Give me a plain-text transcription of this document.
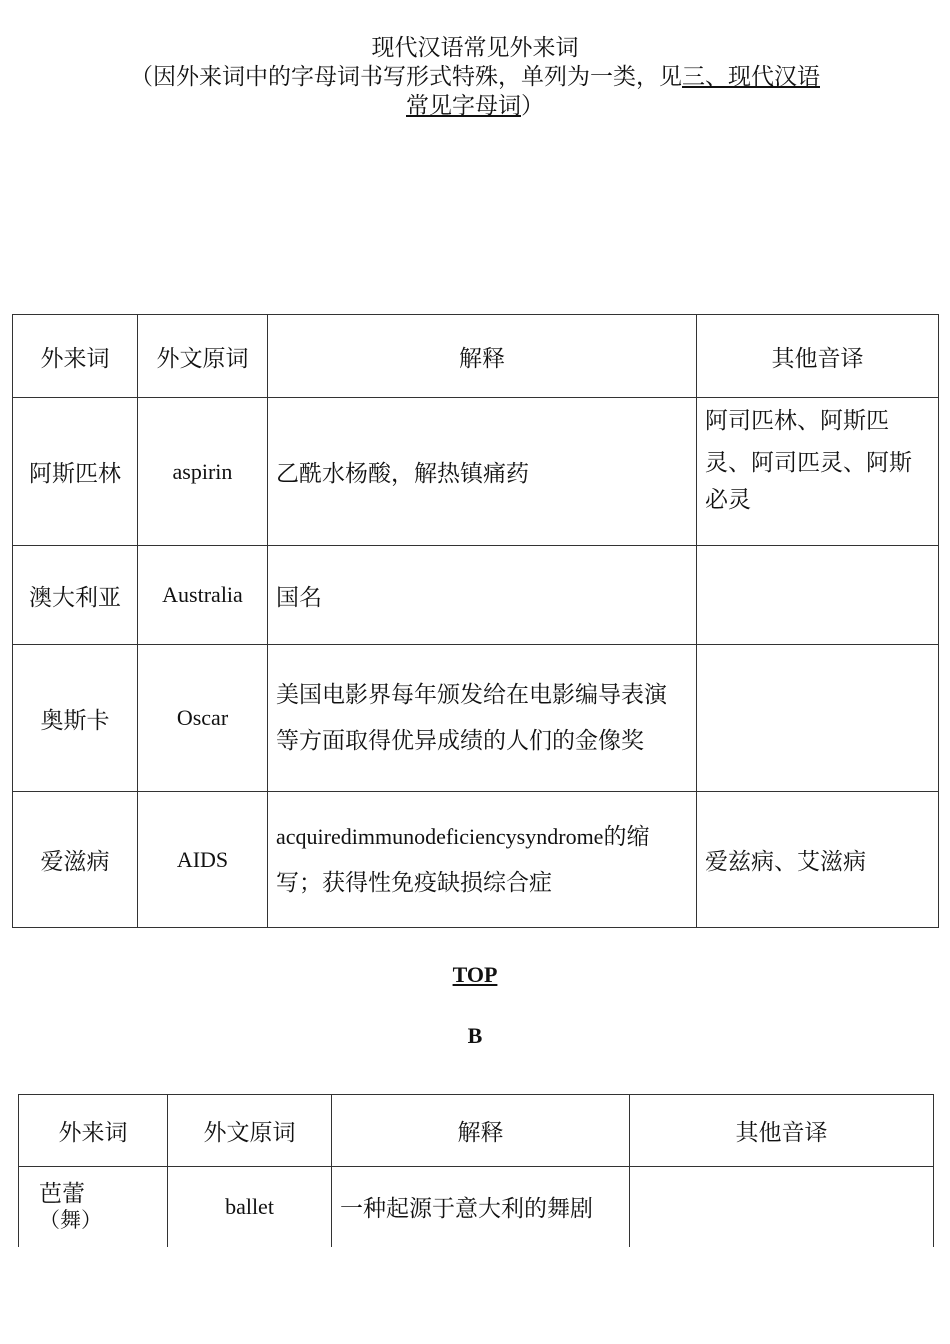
现代汉语常见外来词
（因外来词中的字母词书写形式特殊，单列为一类，见三、现代汉语
常见字母词）
外来词	外文原词	解释	其他音译
阿斯匹林	aspirin	乙酰水杨酸，解热镇痛药	阿司匹林、阿斯匹
灵、阿司匹灵、阿斯
必灵

澳大利亚	Australia	国名	
奥斯卡	Oscar	美国电影界每年颁发给在电影编导表演等方面取得优异成绩的人们的金像奖	
爱滋病	AIDS	acquiredimmunodeficiencysyndrome的缩写；获得性免疫缺损综合症	爱兹病、艾滋病
TOP
B
外来词	外文原词	解释	其他音译

芭蕾
（舞）	ballet	一种起源于意大利的舞剧	
